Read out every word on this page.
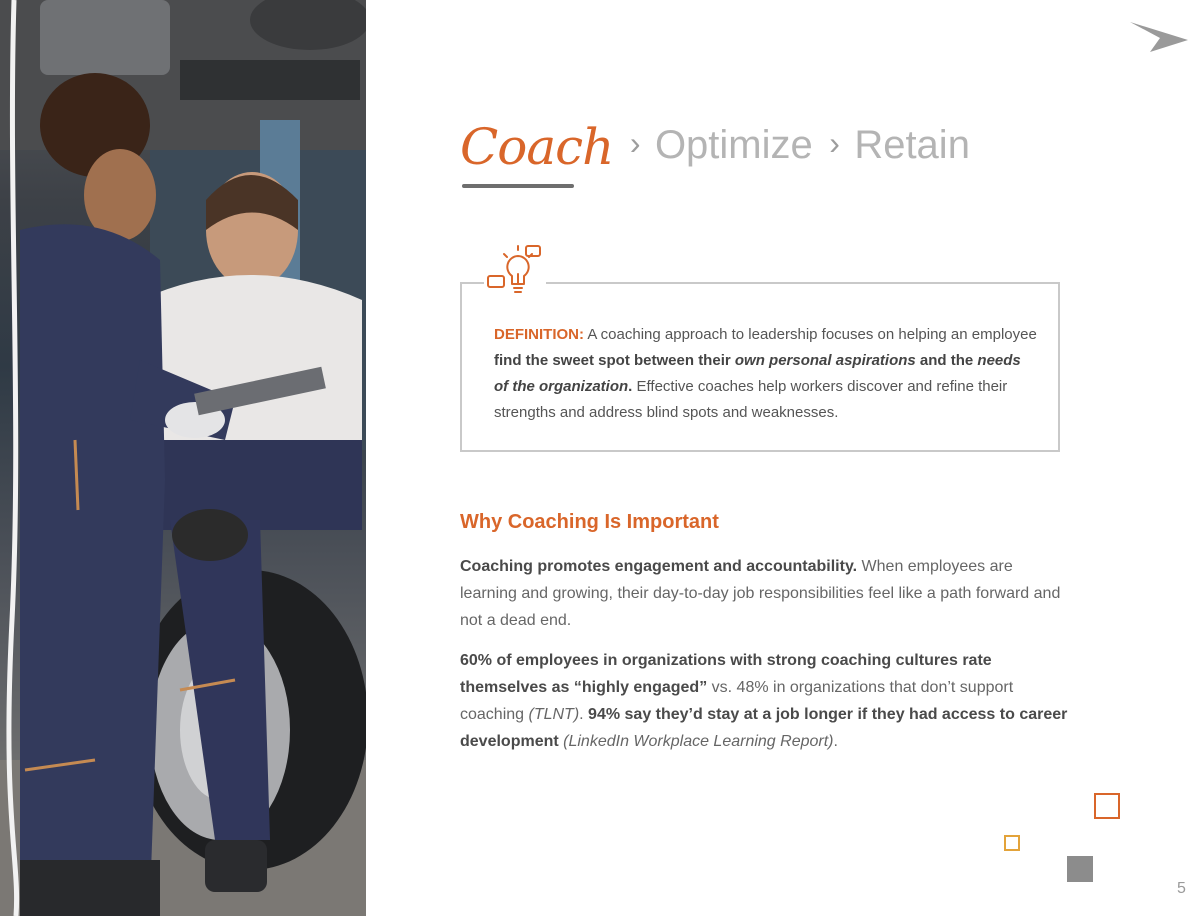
Coach › Optimize › Retain
DEFINITION: A coaching approach to leadership focuses on helping an employee find the sweet spot between their own personal aspirations and the needs of the organization. Effective coaches help workers discover and refine their strengths and address blind spots and weaknesses.
Why Coaching Is Important
Coaching promotes engagement and accountability. When employees are learning and growing, their day-to-day job responsibilities feel like a path forward and not a dead end.
60% of employees in organizations with strong coaching cultures rate themselves as “highly engaged” vs. 48% in organizations that don’t support coaching (TLNT). 94% say they’d stay at a job longer if they had access to career development (LinkedIn Workplace Learning Report).
5
